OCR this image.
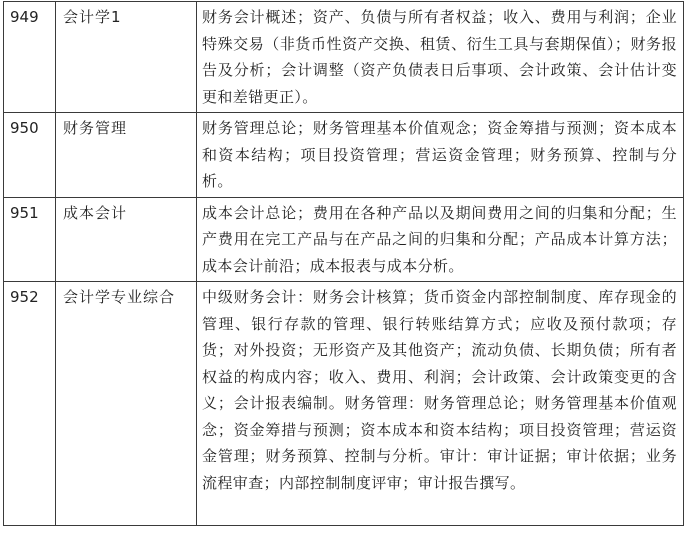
949	会计学1	财务会计概述；资产、负债与所有者权益；收入、费用与利润；企业特殊交易（非货币性资产交换、租赁、衍生工具与套期保值）；财务报告及分析；会计调整（资产负债表日后事项、会计政策、会计估计变更和差错更正）。
950	财务管理	财务管理总论；财务管理基本价值观念；资金筹措与预测；资本成本和资本结构；项目投资管理；营运资金管理；财务预算、控制与分析。
951	成本会计	成本会计总论；费用在各种产品以及期间费用之间的归集和分配；生产费用在完工产品与在产品之间的归集和分配；产品成本计算方法；成本会计前沿；成本报表与成本分析。
952	会计学专业综合	中级财务会计：财务会计核算；货币资金内部控制制度、库存现金的管理、银行存款的管理、银行转账结算方式；应收及预付款项；存货；对外投资；无形资产及其他资产；流动负债、长期负债；所有者权益的构成内容；收入、费用、利润；会计政策、会计政策变更的含义；会计报表编制。财务管理：财务管理总论；财务管理基本价值观念；资金筹措与预测；资本成本和资本结构；项目投资管理；营运资金管理；财务预算、控制与分析。审计：审计证据；审计依据；业务流程审查；内部控制制度评审；审计报告撰写。
